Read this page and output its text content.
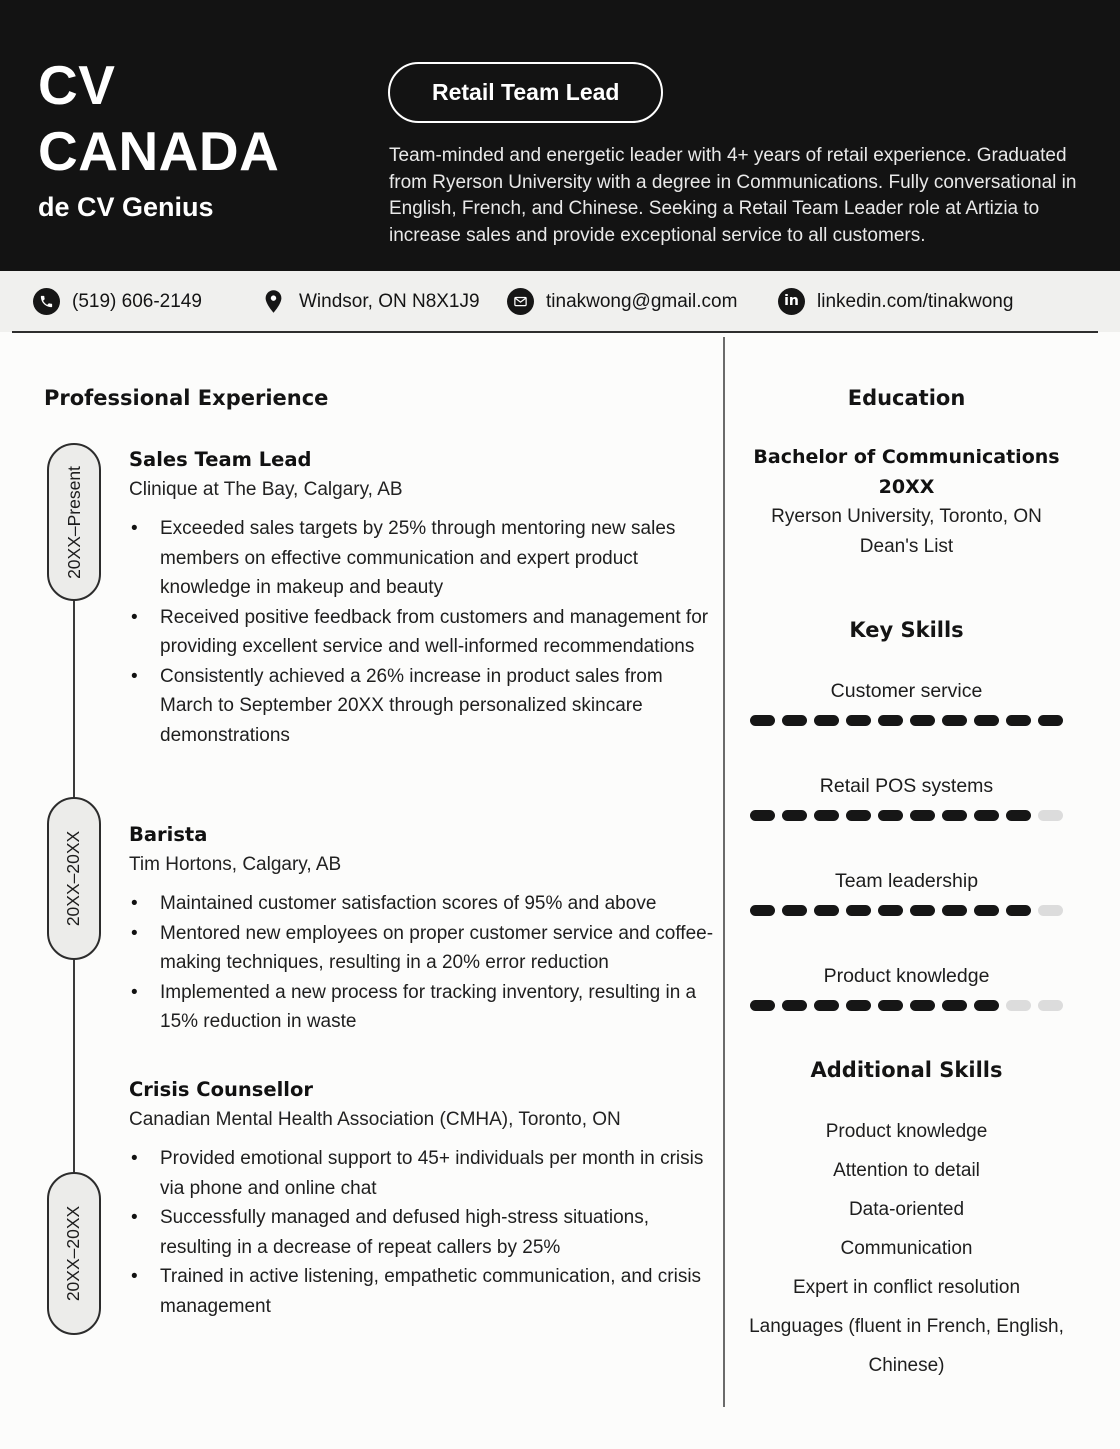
CV
CANADA
de CV Genius
Retail Team Lead

Team-minded and energetic leader with 4+ years of retail experience. Graduated from Ryerson University with a degree in Communications. Fully conversational in English, French, and Chinese. Seeking a Retail Team Leader role at Artizia to increase sales and provide exceptional service to all customers.

(519) 606-2149	Windsor, ON N8X1J9	tinakwong@gmail.com	in linkedin.com/tinakwong
Professional Experience
20XX–Present
20XX–20XX
20XX–20XX
Sales Team Lead
Clinique at The Bay, Calgary, AB
• Exceeded sales targets by 25% through mentoring new sales members on effective communication and expert product knowledge in makeup and beauty
• Received positive feedback from customers and management for providing excellent service and well-informed recommendations
• Consistently achieved a 26% increase in product sales from March to September 20XX through personalized skincare demonstrations
Barista
Tim Hortons, Calgary, AB
• Maintained customer satisfaction scores of 95% and above
• Mentored new employees on proper customer service and coffee-making techniques, resulting in a 20% error reduction
• Implemented a new process for tracking inventory, resulting in a 15% reduction in waste
Crisis Counsellor
Canadian Mental Health Association (CMHA), Toronto, ON
• Provided emotional support to 45+ individuals per month in crisis via phone and online chat
• Successfully managed and defused high-stress situations, resulting in a decrease of repeat callers by 25%
• Trained in active listening, empathetic communication, and crisis management
Education
Bachelor of Communications
20XX
Ryerson University, Toronto, ON
Dean's List
Key Skills
Customer service
Retail POS systems
Team leadership
Product knowledge
Additional Skills
Product knowledge
Attention to detail
Data-oriented
Communication
Expert in conflict resolution
Languages (fluent in French, English, Chinese)
